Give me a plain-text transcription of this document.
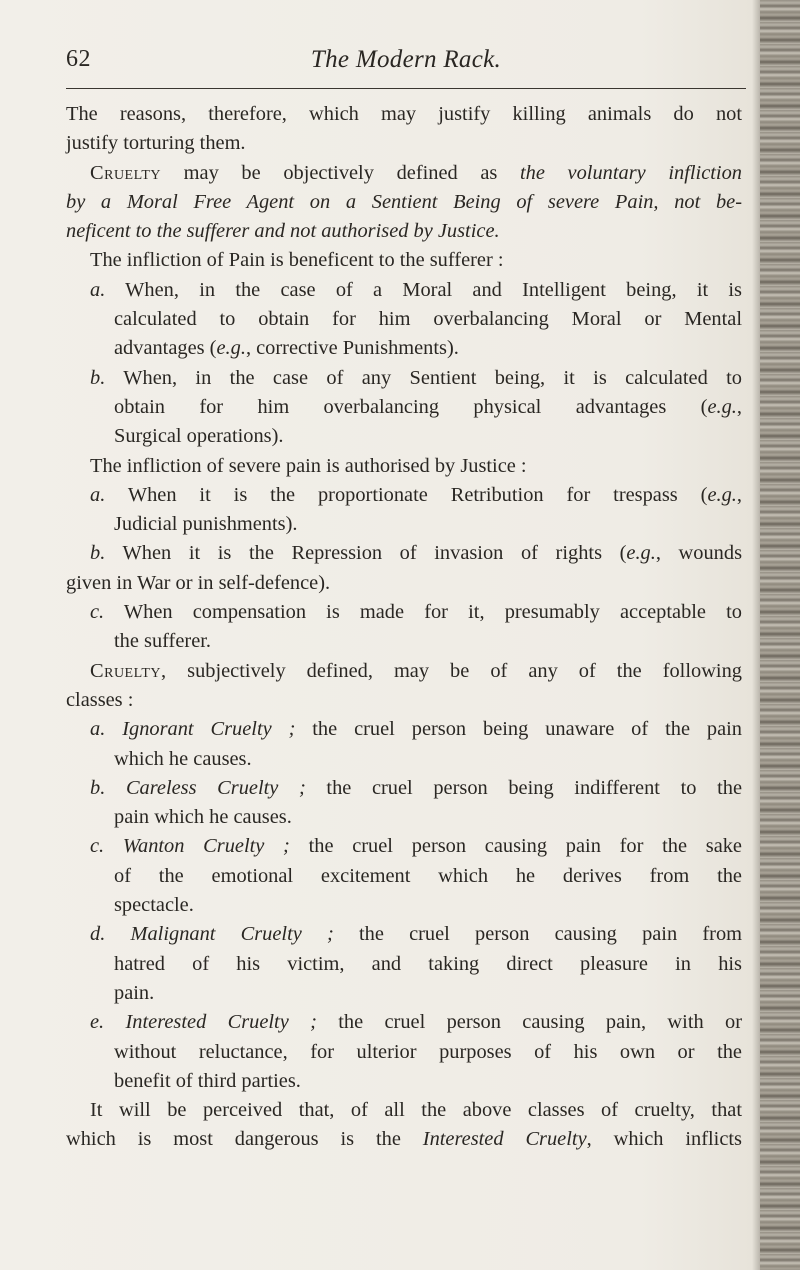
The Modern Rack.
62
The reasons, therefore, which may justify killing animals do not
justify torturing them.
Cruelty may be objectively defined as the voluntary infliction
by a Moral Free Agent on a Sentient Being of severe Pain, not be-
neficent to the sufferer and not authorised by Justice.
The infliction of Pain is beneficent to the sufferer :
a. When, in the case of a Moral and Intelligent being, it is
calculated to obtain for him overbalancing Moral or Mental
advantages (e.g., corrective Punishments).
b. When, in the case of any Sentient being, it is calculated to
obtain for him overbalancing physical advantages (e.g.,
Surgical operations).
The infliction of severe pain is authorised by Justice :
a. When it is the proportionate Retribution for trespass (e.g.,
Judicial punishments).
b. When it is the Repression of invasion of rights (e.g., wounds
given in War or in self-defence).
c. When compensation is made for it, presumably acceptable to
the sufferer.
Cruelty, subjectively defined, may be of any of the following
classes :
a. Ignorant Cruelty ; the cruel person being unaware of the pain
which he causes.
b. Careless Cruelty ; the cruel person being indifferent to the
pain which he causes.
c. Wanton Cruelty ; the cruel person causing pain for the sake
of the emotional excitement which he derives from the
spectacle.
d. Malignant Cruelty ; the cruel person causing pain from
hatred of his victim, and taking direct pleasure in his
pain.
e. Interested Cruelty ; the cruel person causing pain, with or
without reluctance, for ulterior purposes of his own or the
benefit of third parties.
It will be perceived that, of all the above classes of cruelty, that
which is most dangerous is the Interested Cruelty, which inflicts
